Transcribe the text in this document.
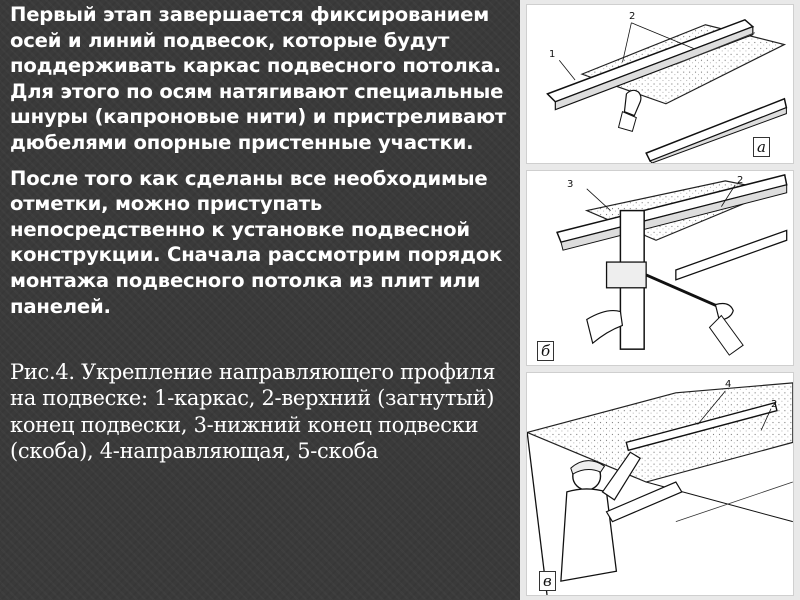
Первый этап завершается фиксированием осей и линий подвесок, которые будут поддерживать каркас подвесного потолка. Для этого по осям натягивают специальные шнуры (капроновые нити) и пристреливают дюбелями опорные пристенные участки.

После того как сделаны все необходимые отметки, можно приступать непосредственно к установке подвесной конструкции. Сначала рассмотрим порядок монтажа подвесного потолка из плит или панелей.

Рис.4. Укрепление направляющего профиля на подвеске: 1-каркас, 2-верхний (загнутый) конец подвески, 3-нижний конец подвески (скоба), 4-направляющая, 5-скоба

1
2
а
3	2
б
4
2
в
